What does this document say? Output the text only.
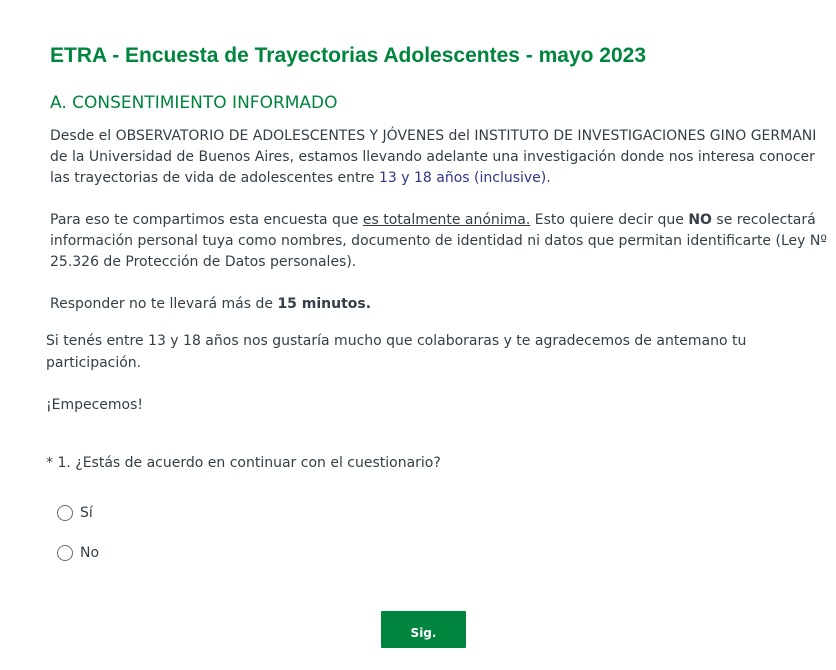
ETRA - Encuesta de Trayectorias Adolescentes - mayo 2023
A. CONSENTIMIENTO INFORMADO

Desde el OBSERVATORIO DE ADOLESCENTES Y JÓVENES del INSTITUTO DE INVESTIGACIONES GINO GERMANI de la Universidad de Buenos Aires, estamos llevando adelante una investigación donde nos interesa conocer las trayectorias de vida de adolescentes entre 13 y 18 años (inclusive).

Para eso te compartimos esta encuesta que es totalmente anónima. Esto quiere decir que NO se recolectará información personal tuya como nombres, documento de identidad ni datos que permitan identificarte (Ley Nº 25.326 de Protección de Datos personales).

Responder no te llevará más de 15 minutos.

Si tenés entre 13 y 18 años nos gustaría mucho que colaboraras y te agradecemos de antemano tu participación.

¡Empecemos!

* 1. ¿Estás de acuerdo en continuar con el cuestionario?
Sí
No
Sig.
